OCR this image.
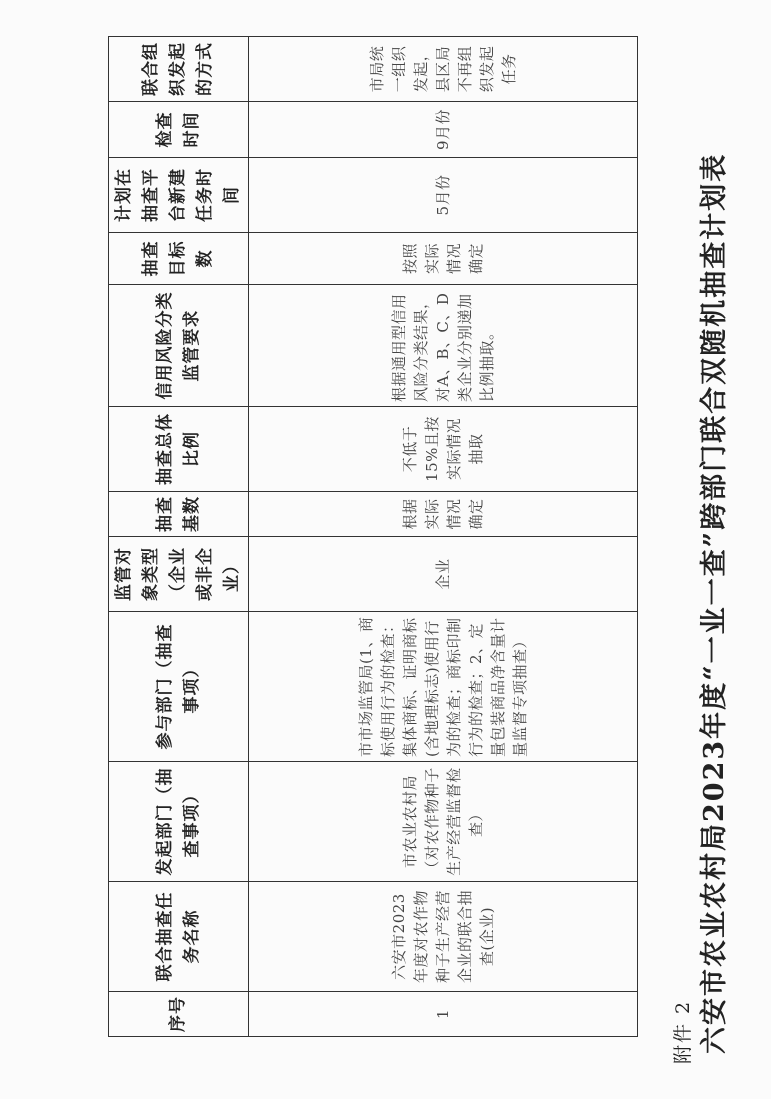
附件 2 六安市农业农村局2023年度“一业一查”跨部门联合双随机抽查计划表
序号	联合抽查任务名称	发起部门（抽查事项）	参与部门（抽查事项）	监管对象类型（企业或非企业）	抽查基数	抽查总体比例	信用风险分类监管要求	抽查目标数	计划在抽查平台新建任务时间	检查时间	联合组织发起的方式
1	六安市2023年度对农作物种子生产经营企业的联合抽查(企业)	市农业农村局（对农作物种子生产经营监督检查）	市市场监管局(1、商标使用行为的检查：集体商标、证明商标(含地理标志)使用行为的检查；商标印制行为的检查；2、定量包装商品净含量计量监督专项抽查）	企业	根据实际情况确定	不低于15%且按实际情况抽取	根据通用型信用风险分类结果，对A、B、C、D类企业分别递加比例抽取。	按照实际情况确定	5月份	9月份	市局统一组织发起，县区局不再组织发起任务
